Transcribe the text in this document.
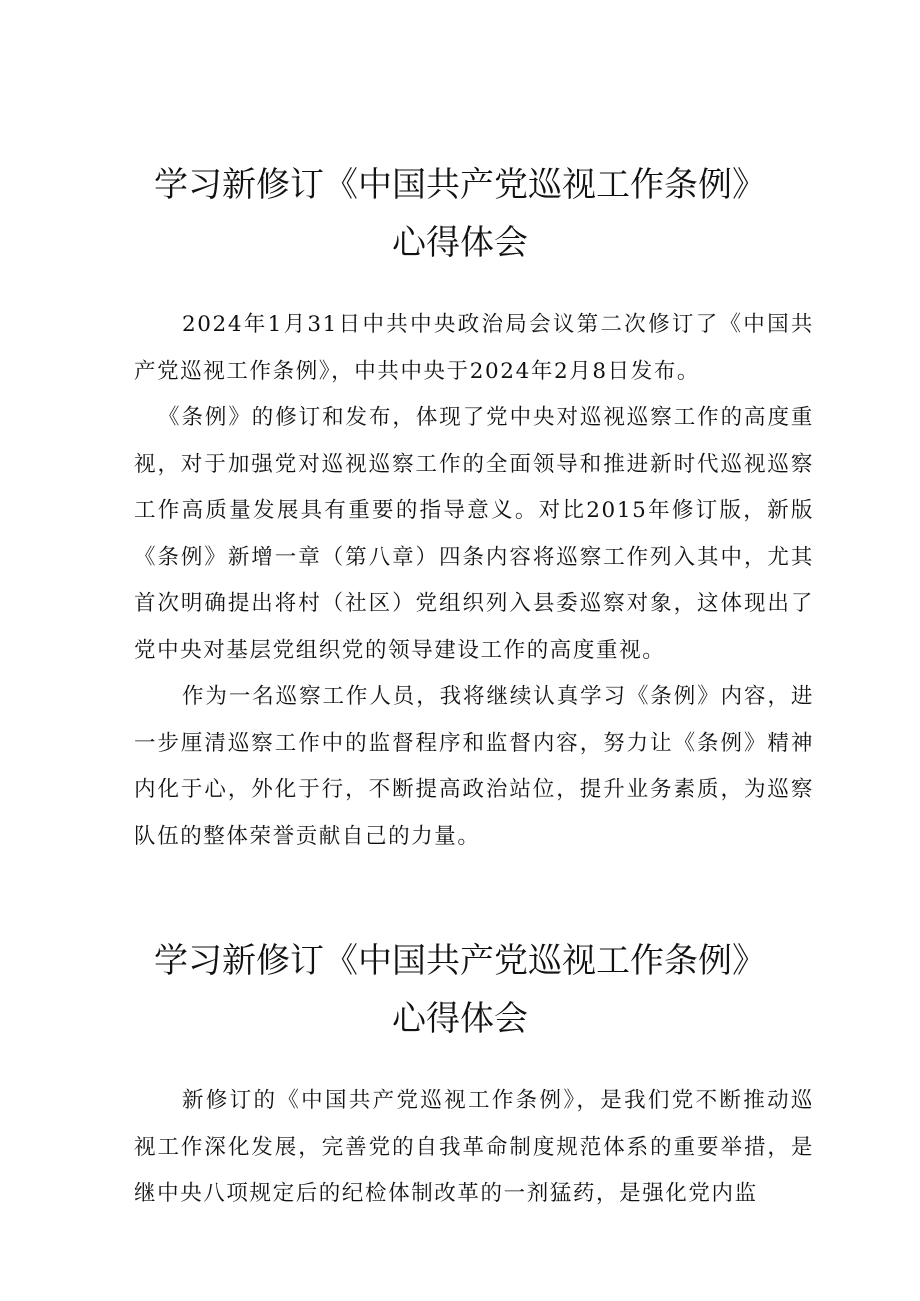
学习新修订《中国共产党巡视工作条例》
心得体会

2024年1月31日中共中央政治局会议第二次修订了《中国共产党巡视工作条例》，中共中央于2024年2月8日发布。

《条例》的修订和发布，体现了党中央对巡视巡察工作的高度重视，对于加强党对巡视巡察工作的全面领导和推进新时代巡视巡察工作高质量发展具有重要的指导意义。对比2015年修订版，新版《条例》新增一章（第八章）四条内容将巡察工作列入其中，尤其首次明确提出将村（社区）党组织列入县委巡察对象，这体现出了党中央对基层党组织党的领导建设工作的高度重视。

作为一名巡察工作人员，我将继续认真学习《条例》内容，进一步厘清巡察工作中的监督程序和监督内容，努力让《条例》精神内化于心，外化于行，不断提高政治站位，提升业务素质，为巡察队伍的整体荣誉贡献自己的力量。

学习新修订《中国共产党巡视工作条例》
心得体会

新修订的《中国共产党巡视工作条例》，是我们党不断推动巡视工作深化发展，完善党的自我革命制度规范体系的重要举措，是继中央八项规定后的纪检体制改革的一剂猛药，是强化党内监
